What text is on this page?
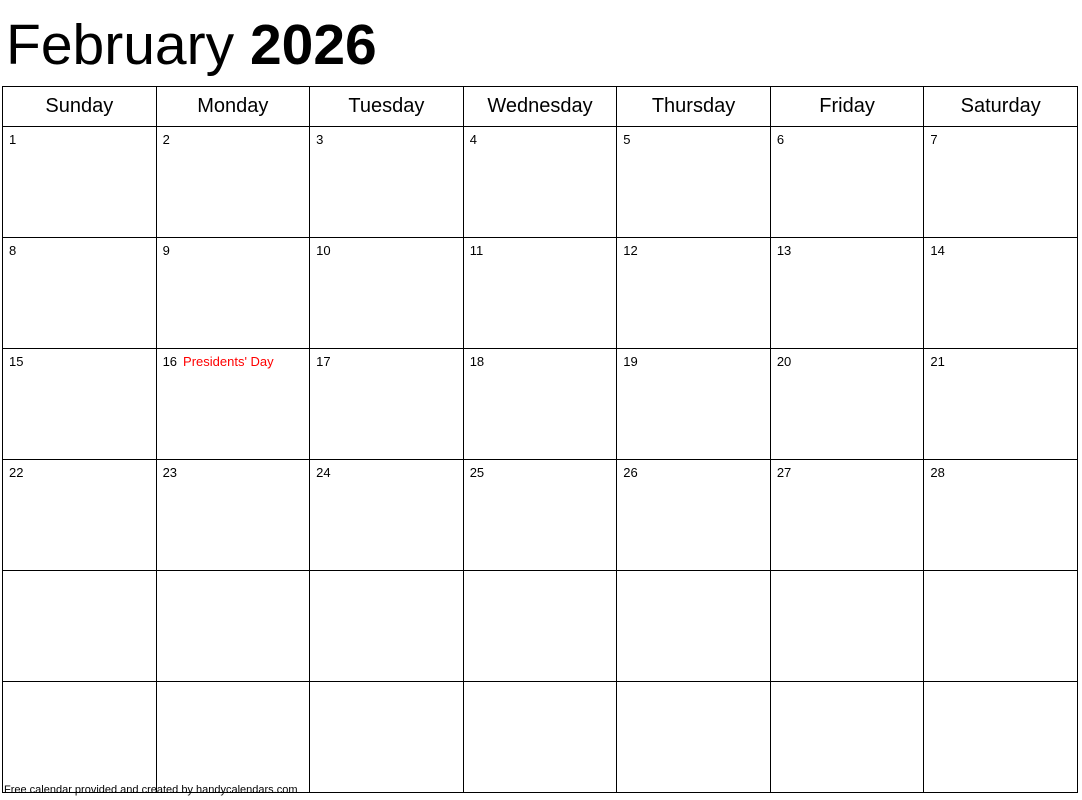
February 2026
Sunday	Monday	Tuesday	Wednesday	Thursday	Friday	Saturday
1	2	3	4	5	6	7
8	9	10	11	12	13	14
15	16 Presidents' Day	17	18	19	20	21
22	23	24	25	26	27	28

Free calendar provided and created by handycalendars.com
